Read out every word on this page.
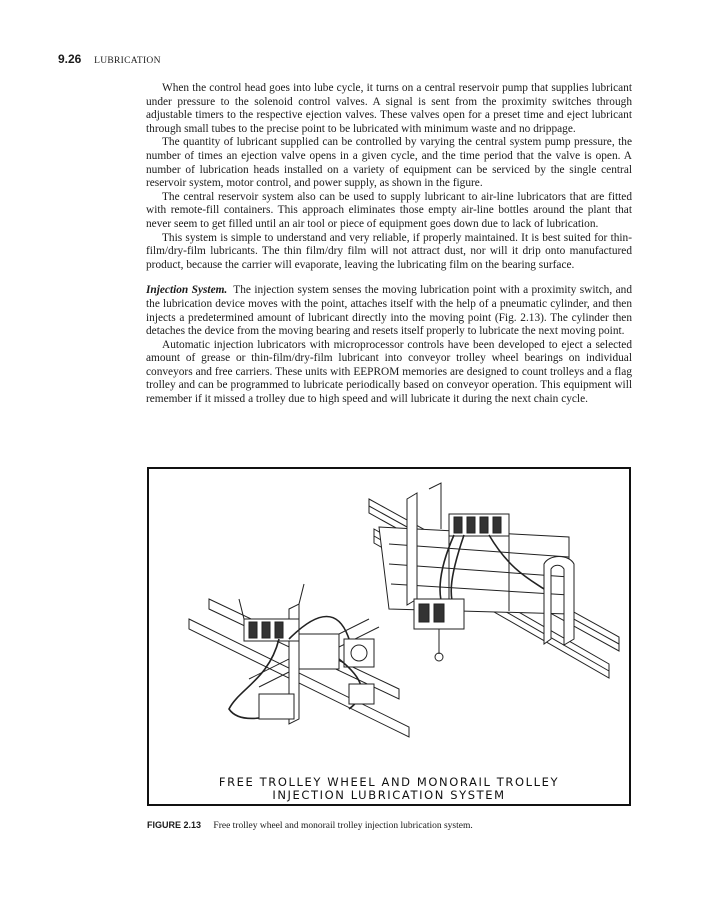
9.26 LUBRICATION

When the control head goes into lube cycle, it turns on a central reservoir pump that supplies lubricant under pressure to the solenoid control valves. A signal is sent from the proximity switches through adjustable timers to the respective ejection valves. These valves open for a preset time and eject lubricant through small tubes to the precise point to be lubricated with minimum waste and no drippage.

The quantity of lubricant supplied can be controlled by varying the central system pump pressure, the number of times an ejection valve opens in a given cycle, and the time period that the valve is open. A number of lubrication heads installed on a variety of equipment can be serviced by the single central reservoir system, motor control, and power supply, as shown in the figure.

The central reservoir system also can be used to supply lubricant to air-line lubricators that are fitted with remote-fill containers. This approach eliminates those empty air-line bottles around the plant that never seem to get filled until an air tool or piece of equipment goes down due to lack of lubrication.

This system is simple to understand and very reliable, if properly maintained. It is best suited for thin-film/dry-film lubricants. The thin film/dry film will not attract dust, nor will it drip onto manufactured product, because the carrier will evaporate, leaving the lubricating film on the bearing surface.

Injection System. The injection system senses the moving lubrication point with a proximity switch, and the lubrication device moves with the point, attaches itself with the help of a pneumatic cylinder, and then injects a predetermined amount of lubricant directly into the moving point (Fig. 2.13). The cylinder then detaches the device from the moving bearing and resets itself properly to lubricate the next moving point.

Automatic injection lubricators with microprocessor controls have been developed to eject a selected amount of grease or thin-film/dry-film lubricant into conveyor trolley wheel bearings on individual conveyors and free carriers. These units with EEPROM memories are designed to count trolleys and a flag trolley and can be programmed to lubricate periodically based on conveyor operation. This equipment will remember if it missed a trolley due to high speed and will lubricate it during the next chain cycle.

FREE TROLLEY WHEEL AND MONORAIL TROLLEY
INJECTION LUBRICATION SYSTEM
FIGURE 2.13 Free trolley wheel and monorail trolley injection lubrication system.
